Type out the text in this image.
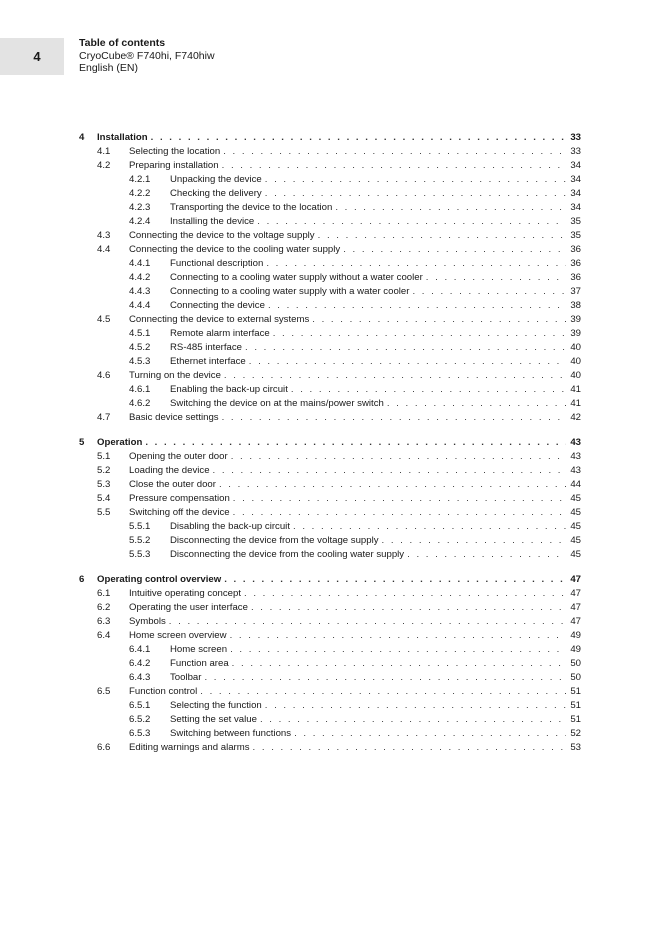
4
Table of contents
CryoCube® F740hi, F740hiw
English (EN)
4	Installation . . .	33
4.1	Selecting the location . . .	33
4.2	Preparing installation . . .	34
4.2.1	Unpacking the device . . .	34
4.2.2	Checking the delivery . . .	34
4.2.3	Transporting the device to the location . . .	34
4.2.4	Installing the device . . .	35
4.3	Connecting the device to the voltage supply . . .	35
4.4	Connecting the device to the cooling water supply . . .	36
4.4.1	Functional description . . .	36
4.4.2	Connecting to a cooling water supply without a water cooler . . .	36
4.4.3	Connecting to a cooling water supply with a water cooler . . .	37
4.4.4	Connecting the device . . .	38
4.5	Connecting the device to external systems . . .	39
4.5.1	Remote alarm interface . . .	39
4.5.2	RS-485 interface . . .	40
4.5.3	Ethernet interface . . .	40
4.6	Turning on the device . . .	40
4.6.1	Enabling the back-up circuit . . .	41
4.6.2	Switching the device on at the mains/power switch . . .	41
4.7	Basic device settings . . .	42
5	Operation . . .	43
5.1	Opening the outer door . . .	43
5.2	Loading the device . . .	43
5.3	Close the outer door . . .	44
5.4	Pressure compensation . . .	45
5.5	Switching off the device . . .	45
5.5.1	Disabling the back-up circuit . . .	45
5.5.2	Disconnecting the device from the voltage supply . . .	45
5.5.3	Disconnecting the device from the cooling water supply . . .	45
6	Operating control overview . . .	47
6.1	Intuitive operating concept . . .	47
6.2	Operating the user interface . . .	47
6.3	Symbols . . .	47
6.4	Home screen overview . . .	49
6.4.1	Home screen . . .	49
6.4.2	Function area . . .	50
6.4.3	Toolbar . . .	50
6.5	Function control . . .	51
6.5.1	Selecting the function . . .	51
6.5.2	Setting the set value . . .	51
6.5.3	Switching between functions . . .	52
6.6	Editing warnings and alarms . . .	53
